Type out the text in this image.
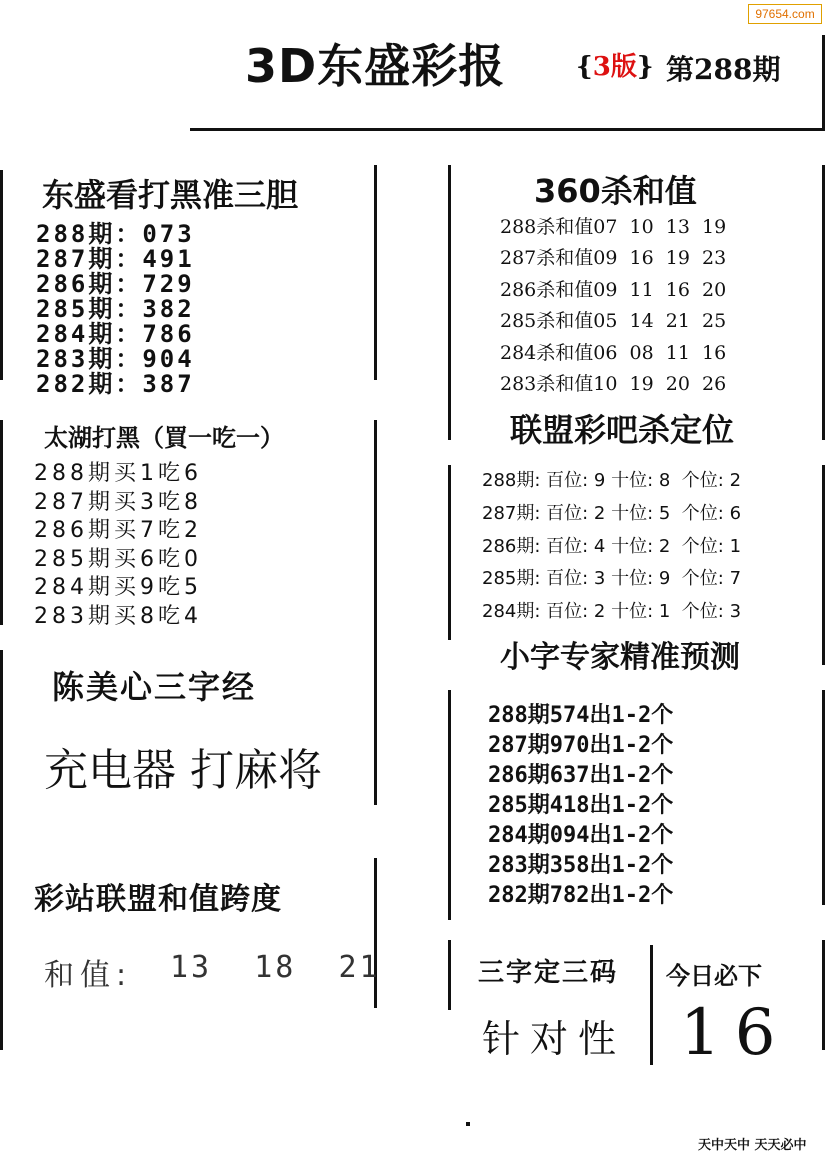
97654.com
3D东盛彩报	{3版} 第288期
东盛看打黑准三胆
288期：073
287期：491
286期：729
285期：382
284期：786
283期：904
282期：387
太湖打黑（買一吃一）
288期买1吃6
287期买3吃8
286期买7吃2
285期买6吃0
284期买9吃5
283期买8吃4
陈美心三字经
充电器 打麻将
彩站联盟和值跨度
和值: 13  18  21
360杀和值
288杀和值07  10  13  19
287杀和值09  16  19  23
286杀和值09  11  16  20
285杀和值05  14  21  25
284杀和值06  08  11  16
283杀和值10  19  20  26
联盟彩吧杀定位
288期: 百位: 9 十位: 8  个位: 2
287期: 百位: 2 十位: 5  个位: 6
286期: 百位: 4 十位: 2  个位: 1
285期: 百位: 3 十位: 9  个位: 7
284期: 百位: 2 十位: 1  个位: 3
小字专家精准预测
288期574出1-2个
287期970出1-2个
286期637出1-2个
285期418出1-2个
284期094出1-2个
283期358出1-2个
282期782出1-2个
三字定三码
针对性
今日必下
16
天中天中 天天必中
